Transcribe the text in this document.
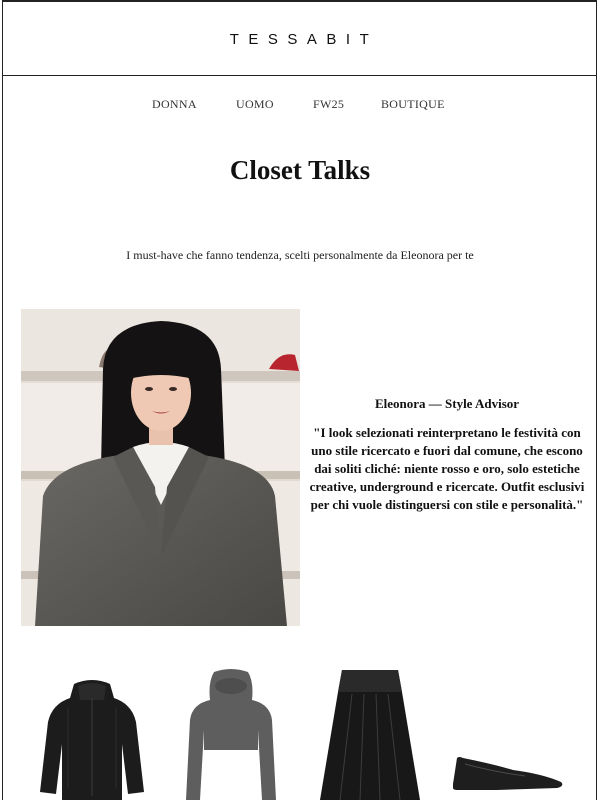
TESSABIT
DONNA	UOMO	FW25	BOUTIQUE
Closet Talks
I must-have che fanno tendenza, scelti personalmente da Eleonora per te
Eleonora — Style Advisor
"I look selezionati reinterpretano le festività con uno stile ricercato e fuori dal comune, che escono dai soliti cliché: niente rosso e oro, solo estetiche creative, underground e ricercate. Outfit esclusivi per chi vuole distinguersi con stile e personalità."
